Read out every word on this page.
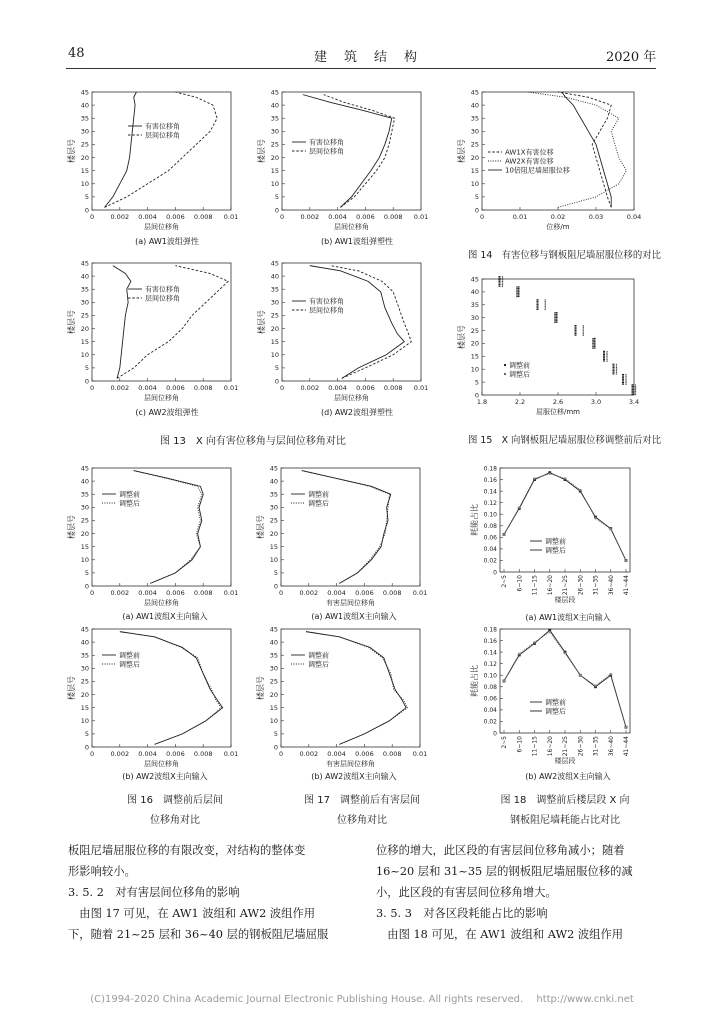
48	建　筑　结　构	2020 年
0
5
10
15
20
25
30
35
40
45
0	0.002 0.004 0.006 0.008 0.01
楼层号
层间位移角
有害位移角
层间位移角
0
5
10
15
20
25
30
35
40
45
0	0.002 0.004 0.006 0.008 0.01
楼层号
层间位移角
有害位移角
层间位移角
0
5
10
15
20
25
30
35
40
45
0	0.002 0.004 0.006 0.008 0.01
楼层号
层间位移角
有害位移角
层间位移角
0
5
10
15
20
25
30
35
40
45
0	0.002 0.004 0.006 0.008 0.01
楼层号
层间位移角
有害位移角
层间位移角
0
5
10
15
20
25
30
35
40
45
0	0.01	0.02	0.03	0.04
楼层号
位移/m
AW1X有害位移
AW2X有害位移
10倍阻尼墙屈服位移
0
5
10
15
20
25
30
35
40
45
1.8	2.2	2.6	3.0	3.4
楼层号
屈服位移/mm
调整前
调整后
0
5
10
15
20
25
30
35
40
45
0	0.002 0.004 0.006 0.008 0.01
楼层号
层间位移角
调整前
调整后
0
5
10
15
20
25
30
35
40
45
0	0.002 0.004 0.006 0.008 0.01
楼层号
层间位移角
调整前
调整后
0
5
10
15
20
25
30
35
40
45
0	0.002 0.004 0.006 0.008 0.01
楼层号
有害层间位移角
调整前
调整后
0
5
10
15
20
25
30
35
40
45
0	0.002 0.004 0.006 0.008 0.01
楼层号
有害层间位移角
调整前
调整后
0
0.02
0.04
0.06
0.08
0.10
0.12
0.14
0.16
0.18
2~5 6~10 11~15 16~20 21~25 26~30 31~35 36~40 41~44
耗能占比
楼层段
调整前
调整后
0
0.02
0.04
0.06
0.08
0.10
0.12
0.14
0.16
0.18
2~5 6~10 11~15 16~20 21~25 26~30 31~35 36~40 41~44
耗能占比
楼层段
调整前
调整后
(a) AW1波组弹性	(b) AW1波组弹塑性
(c) AW2波组弹性	(d) AW2波组弹塑性
(a) AW1波组X主向输入
(b) AW2波组X主向输入
(a) AW1波组X主向输入
(b) AW2波组X主向输入
(a) AW1波组X主向输入
(b) AW2波组X主向输入
图 13　X 向有害位移角与层间位移角对比
图 14　有害位移与钢板阻尼墙屈服位移的对比
图 15　X 向钢板阻尼墙屈服位移调整前后对比
图 16　调整前后层间
位移角对比
图 17　调整前后有害层间
位移角对比
图 18　调整前后楼层段 X 向
钢板阻尼墙耗能占比对比

板阻尼墙屈服位移的有限改变，对结构的整体变

形影响较小。

3. 5. 2　对有害层间位移角的影响

　由图 17 可见，在 AW1 波组和 AW2 波组作用

下，随着 21~25 层和 36~40 层的钢板阻尼墙屈服

位移的增大，此区段的有害层间位移角减小；随着

16~20 层和 31~35 层的钢板阻尼墙屈服位移的减

小，此区段的有害层间位移角增大。

3. 5. 3　对各区段耗能占比的影响

　由图 18 可见，在 AW1 波组和 AW2 波组作用

(C)1994-2020 China Academic Journal Electronic Publishing House. All rights reserved.　 http://www.cnki.net
